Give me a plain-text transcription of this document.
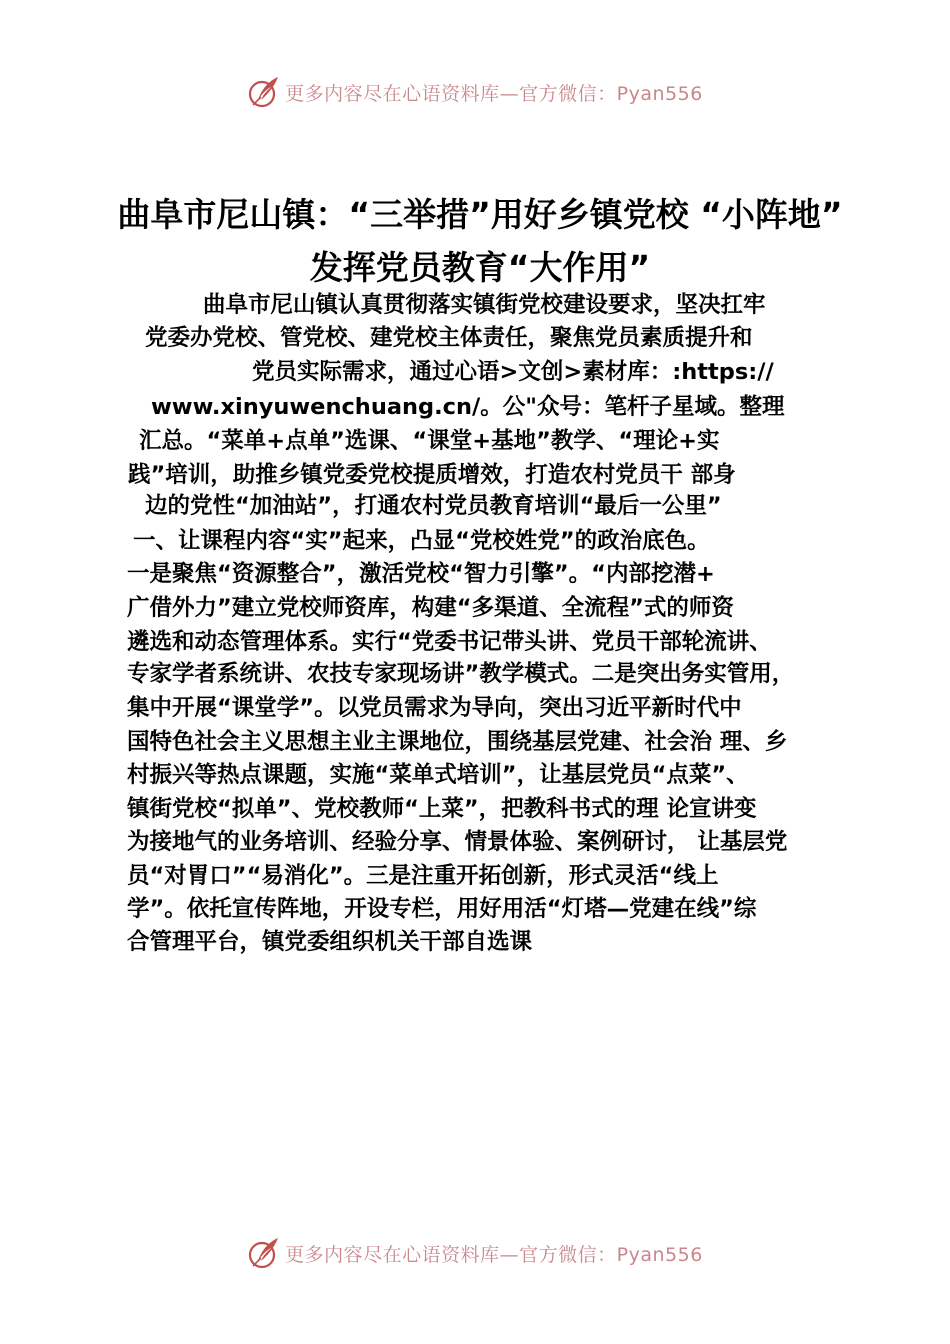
更多内容尽在心语资料库—官方微信：Pyan556
曲阜市尼山镇：“三举措”用好乡镇党校 “小阵地” 发挥党员教育“大作用”
曲阜市尼山镇认真贯彻落实镇街党校建设要求，坚决扛牢
党委办党校、管党校、建党校主体责任，聚焦党员素质提升和
党员实际需求，通过心语>文创>素材库：:https://
www.xinyuwenchuang.cn/。公"众号：笔杆子星域。整理
汇总。“菜单+点单”选课、“课堂+基地”教学、“理论+实
践”培训，助推乡镇党委党校提质增效，打造农村党员干 部身
边的党性“加油站”，打通农村党员教育培训“最后一公里”
一、让课程内容“实”起来，凸显“党校姓党”的政治底色。
一是聚焦“资源整合”，激活党校“智力引擎”。“内部挖潜+
广借外力”建立党校师资库，构建“多渠道、全流程”式的师资
遴选和动态管理体系。实行“党委书记带头讲、党员干部轮流讲、
专家学者系统讲、农技专家现场讲”教学模式。二是突出务实管用，
集中开展“课堂学”。以党员需求为导向，突出习近平新时代中
国特色社会主义思想主业主课地位，围绕基层党建、社会治 理、乡
村振兴等热点课题，实施“菜单式培训”，让基层党员“点菜”、
镇街党校“拟单”、党校教师“上菜”，把教科书式的理 论宣讲变
为接地气的业务培训、经验分享、情景体验、案例研讨， 让基层党
员“对胃口”“易消化”。三是注重开拓创新，形式灵活“线上
学”。依托宣传阵地，开设专栏，用好用活“灯塔—党建在线”综
合管理平台，镇党委组织机关干部自选课
更多内容尽在心语资料库—官方微信：Pyan556
